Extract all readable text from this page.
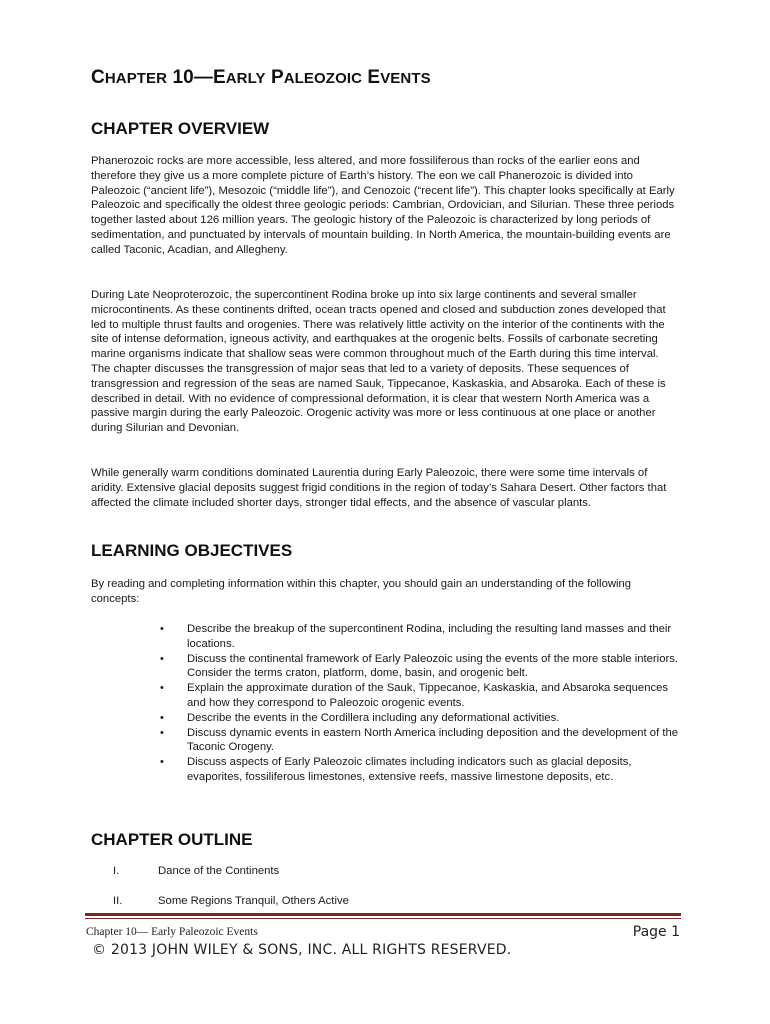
CHAPTER 10—EARLY PALEOZOIC EVENTS
CHAPTER OVERVIEW

Phanerozoic rocks are more accessible, less altered, and more fossiliferous than rocks of the earlier eons and therefore they give us a more complete picture of Earth’s history. The eon we call Phanerozoic is divided into Paleozoic (“ancient life”), Mesozoic (“middle life”), and Cenozoic (“recent life”). This chapter looks specifically at Early Paleozoic and specifically the oldest three geologic periods: Cambrian, Ordovician, and Silurian. These three periods together lasted about 126 million years. The geologic history of the Paleozoic is characterized by long periods of sedimentation, and punctuated by intervals of mountain building. In North America, the mountain-building events are called Taconic, Acadian, and Allegheny.

During Late Neoproterozoic, the supercontinent Rodina broke up into six large continents and several smaller microcontinents. As these continents drifted, ocean tracts opened and closed and subduction zones developed that led to multiple thrust faults and orogenies. There was relatively little activity on the interior of the continents with the site of intense deformation, igneous activity, and earthquakes at the orogenic belts. Fossils of carbonate secreting marine organisms indicate that shallow seas were common throughout much of the Earth during this time interval. The chapter discusses the transgression of major seas that led to a variety of deposits. These sequences of transgression and regression of the seas are named Sauk, Tippecanoe, Kaskaskia, and Absaroka. Each of these is described in detail. With no evidence of compressional deformation, it is clear that western North America was a passive margin during the early Paleozoic. Orogenic activity was more or less continuous at one place or another during Silurian and Devonian.

While generally warm conditions dominated Laurentia during Early Paleozoic, there were some time intervals of aridity. Extensive glacial deposits suggest frigid conditions in the region of today’s Sahara Desert. Other factors that affected the climate included shorter days, stronger tidal effects, and the absence of vascular plants.

LEARNING OBJECTIVES

By reading and completing information within this chapter, you should gain an understanding of the following concepts:

•	Describe the breakup of the supercontinent Rodina, including the resulting land masses and their locations.
•	Discuss the continental framework of Early Paleozoic using the events of the more stable interiors. Consider the terms craton, platform, dome, basin, and orogenic belt.
•	Explain the approximate duration of the Sauk, Tippecanoe, Kaskaskia, and Absaroka sequences and how they correspond to Paleozoic orogenic events.
•	Describe the events in the Cordillera including any deformational activities.
•	Discuss dynamic events in eastern North America including deposition and the development of the Taconic Orogeny.
•	Discuss aspects of Early Paleozoic climates including indicators such as glacial deposits, evaporites, fossiliferous limestones, extensive reefs, massive limestone deposits, etc.
CHAPTER OUTLINE
I.	Dance of the Continents
II.	Some Regions Tranquil, Others Active
Chapter 10— Early Paleozoic Events	Page 1
© 2013 JOHN WILEY & SONS, INC. ALL RIGHTS RESERVED.
